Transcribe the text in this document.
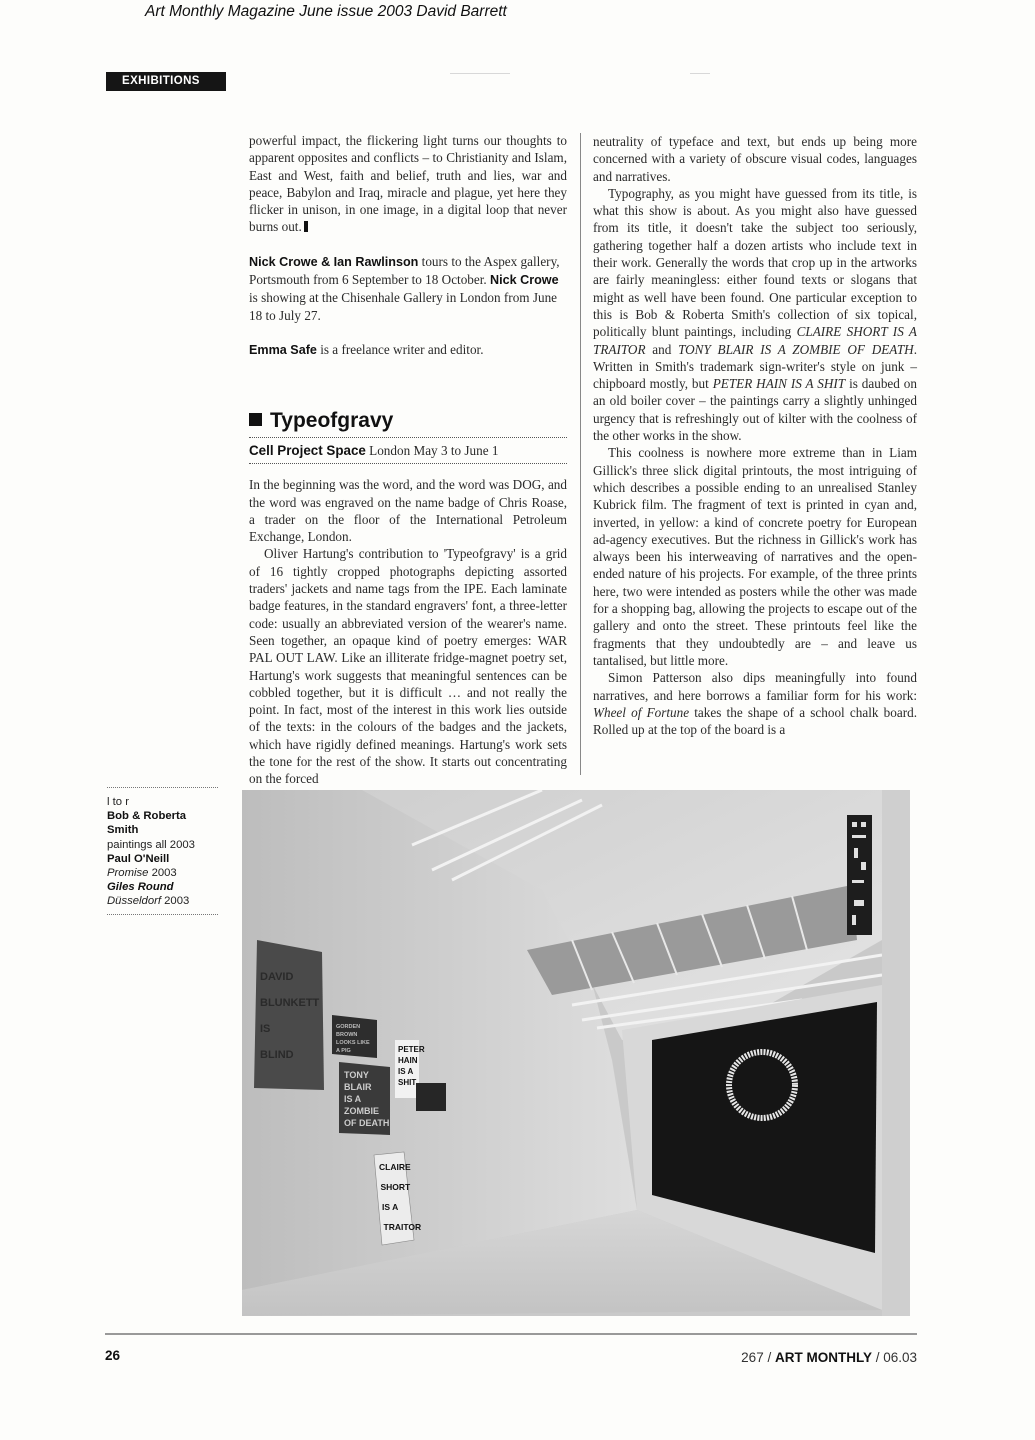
Art Monthly Magazine June issue 2003 David Barrett
EXHIBITIONS

powerful impact, the flickering light turns our thoughts to apparent opposites and conflicts – to Christianity and Islam, East and West, faith and belief, truth and lies, war and peace, Babylon and Iraq, miracle and plague, yet here they flicker in unison, in one image, in a digital loop that never burns out.

Nick Crowe & Ian Rawlinson tours to the Aspex gallery, Portsmouth from 6 September to 18 October. Nick Crowe is showing at the Chisenhale Gallery in London from June 18 to July 27.

Emma Safe is a freelance writer and editor.

Typeofgravy
Cell Project Space London May 3 to June 1

In the beginning was the word, and the word was DOG, and the word was engraved on the name badge of Chris Roase, a trader on the floor of the International Petroleum Exchange, London.

Oliver Hartung's contribution to 'Typeofgravy' is a grid of 16 tightly cropped photographs depicting assorted traders' jackets and name tags from the IPE. Each laminate badge features, in the standard engravers' font, a three-letter code: usually an abbreviated version of the wearer's name. Seen together, an opaque kind of poetry emerges: WAR PAL OUT LAW. Like an illiterate fridge-magnet poetry set, Hartung's work suggests that meaningful sentences can be cobbled together, but it is difficult … and not really the point. In fact, most of the interest in this work lies outside of the texts: in the colours of the badges and the jackets, which have rigidly defined meanings. Hartung's work sets the tone for the rest of the show. It starts out concentrating on the forced

neutrality of typeface and text, but ends up being more concerned with a variety of obscure visual codes, languages and narratives.

Typography, as you might have guessed from its title, is what this show is about. As you might also have guessed from its title, it doesn't take the subject too seriously, gathering together half a dozen artists who include text in their work. Generally the words that crop up in the artworks are fairly meaningless: either found texts or slogans that might as well have been found. One particular exception to this is Bob & Roberta Smith's collection of six topical, politically blunt paintings, including CLAIRE SHORT IS A TRAITOR and TONY BLAIR IS A ZOMBIE OF DEATH. Written in Smith's trademark sign-writer's style on junk – chipboard mostly, but PETER HAIN IS A SHIT is daubed on an old boiler cover – the paintings carry a slightly unhinged urgency that is refreshingly out of kilter with the coolness of the other works in the show.

This coolness is nowhere more extreme than in Liam Gillick's three slick digital printouts, the most intriguing of which describes a possible ending to an unrealised Stanley Kubrick film. The fragment of text is printed in cyan and, inverted, in yellow: a kind of concrete poetry for European ad-agency executives. But the richness in Gillick's work has always been his interweaving of narratives and the open-ended nature of his projects. For example, of the three prints here, two were intended as posters while the other was made for a shopping bag, allowing the projects to escape out of the gallery and onto the street. These printouts feel like the fragments that they undoubtedly are – and leave us tantalised, but little more.

Simon Patterson also dips meaningfully into found narratives, and here borrows a familiar form for his work: Wheel of Fortune takes the shape of a school chalk board. Rolled up at the top of the board is a

l to r
Bob & Roberta Smith
paintings all 2003
Paul O'Neill
Promise 2003
Giles Round
Düsseldorf 2003
DAVID
BLUNKETT
IS
BLIND
GORDEN
BROWN
LOOKS LIKE
A PIG
TONY
BLAIR
IS A
ZOMBIE
OF DEATH
PETER
HAIN
IS A
SHIT
CLAIRE
SHORT
IS A
TRAITOR
26	267 / ART MONTHLY / 06.03
